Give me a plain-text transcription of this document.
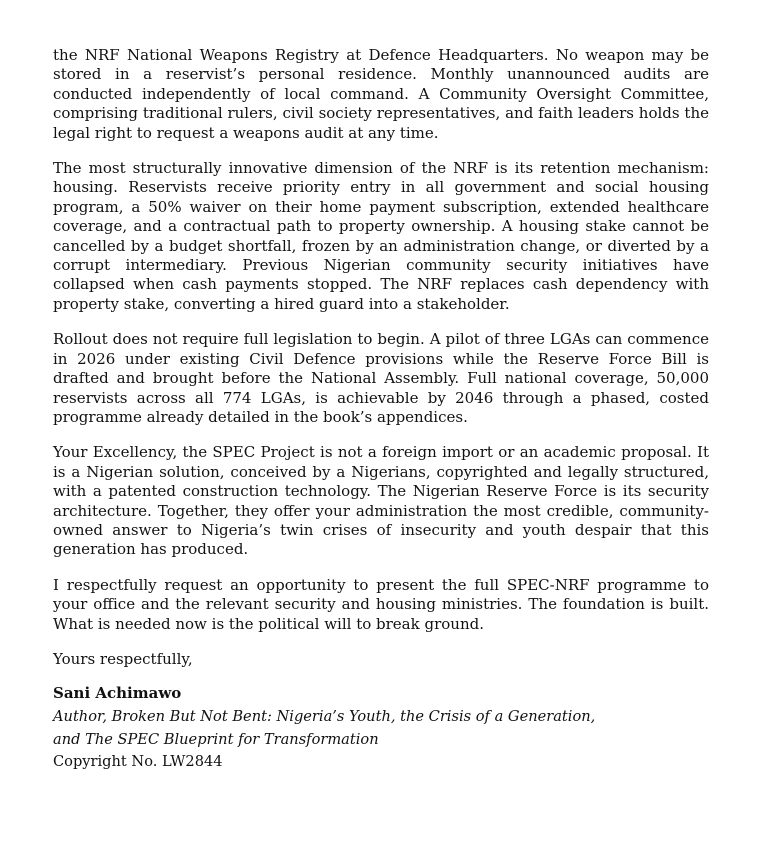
the NRF National Weapons Registry at Defence Headquarters. No weapon may be stored in a reservist’s personal residence. Monthly unannounced audits are conducted independently of local command. A Community Oversight Committee, comprising traditional rulers, civil society representatives, and faith leaders holds the legal right to request a weapons audit at any time.

The most structurally innovative dimension of the NRF is its retention mechanism: housing. Reservists receive priority entry in all government and social housing program, a 50% waiver on their home payment subscription, extended healthcare coverage, and a contractual path to property ownership. A housing stake cannot be cancelled by a budget shortfall, frozen by an administration change, or diverted by a corrupt intermediary. Previous Nigerian community security initiatives have collapsed when cash payments stopped. The NRF replaces cash dependency with property stake, converting a hired guard into a stakeholder.

Rollout does not require full legislation to begin. A pilot of three LGAs can commence in 2026 under existing Civil Defence provisions while the Reserve Force Bill is drafted and brought before the National Assembly. Full national coverage, 50,000 reservists across all 774 LGAs, is achievable by 2046 through a phased, costed programme already detailed in the book’s appendices.

Your Excellency, the SPEC Project is not a foreign import or an academic proposal. It is a Nigerian solution, conceived by a Nigerians, copyrighted and legally structured, with a patented construction technology. The Nigerian Reserve Force is its security architecture. Together, they offer your administration the most credible, community-owned answer to Nigeria’s twin crises of insecurity and youth despair that this generation has produced.

I respectfully request an opportunity to present the full SPEC-NRF programme to your office and the relevant security and housing ministries. The foundation is built. What is needed now is the political will to break ground.

Yours respectfully,

Sani Achimawo

Author, Broken But Not Bent: Nigeria’s Youth, the Crisis of a Generation,

and The SPEC Blueprint for Transformation

Copyright No. LW2844
